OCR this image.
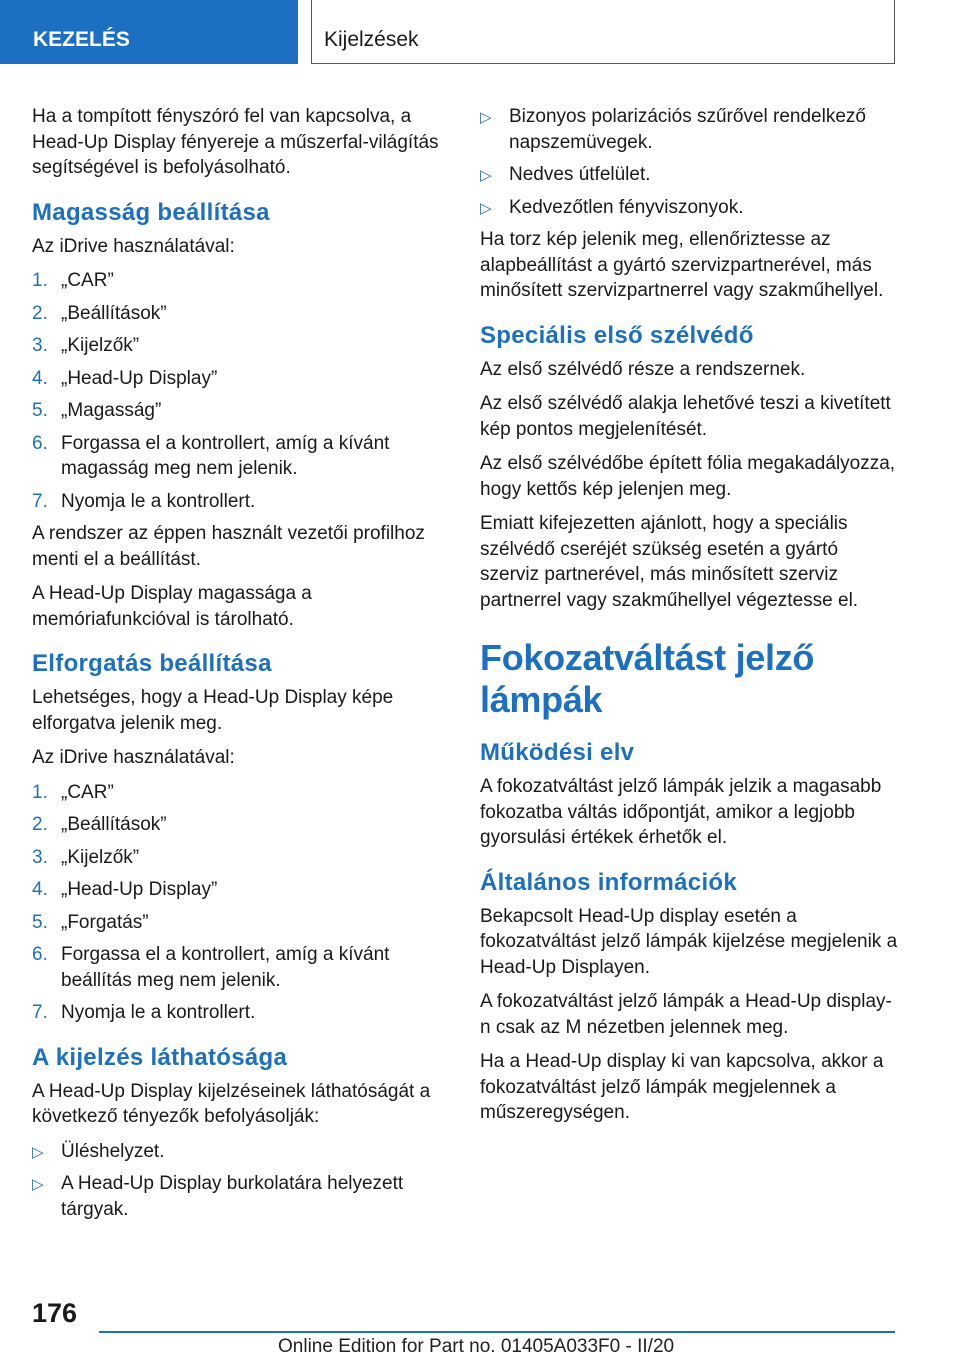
KEZELÉS	Kijelzések

Ha a tompított fényszóró fel van kapcsolva, a Head-Up Display fényereje a műszerfal-világítás segítségével is befolyásolható.

Magasság beállítása

Az iDrive használatával:

1. „CAR”
2. „Beállítások”
3. „Kijelzők”
4. „Head-Up Display”
5. „Magasság”
6. Forgassa el a kontrollert, amíg a kívánt magasság meg nem jelenik.
7. Nyomja le a kontrollert.

A rendszer az éppen használt vezetői profilhoz menti el a beállítást.

A Head-Up Display magassága a memóriafunkcióval is tárolható.

Elforgatás beállítása

Lehetséges, hogy a Head-Up Display képe elforgatva jelenik meg.

Az iDrive használatával:

1. „CAR”
2. „Beállítások”
3. „Kijelzők”
4. „Head-Up Display”
5. „Forgatás”
6. Forgassa el a kontrollert, amíg a kívánt beállítás meg nem jelenik.
7. Nyomja le a kontrollert.
A kijelzés láthatósága

A Head-Up Display kijelzéseinek láthatóságát a következő tényezők befolyásolják:

▷ Üléshelyzet.
▷ A Head-Up Display burkolatára helyezett tárgyak.
▷ Bizonyos polarizációs szűrővel rendelkező napszemüvegek.
▷ Nedves útfelület.
▷ Kedvezőtlen fényviszonyok.

Ha torz kép jelenik meg, ellenőriztesse az alapbeállítást a gyártó szervizpartnerével, más minősített szervizpartnerrel vagy szakműhellyel.

Speciális első szélvédő

Az első szélvédő része a rendszernek.

Az első szélvédő alakja lehetővé teszi a kivetített kép pontos megjelenítését.

Az első szélvédőbe épített fólia megakadályozza, hogy kettős kép jelenjen meg.

Emiatt kifejezetten ajánlott, hogy a speciális szélvédő cseréjét szükség esetén a gyártó szerviz partnerével, más minősített szerviz partnerrel vagy szakműhellyel végeztesse el.

Fokozatváltást jelző lámpák
Működési elv

A fokozatváltást jelző lámpák jelzik a magasabb fokozatba váltás időpontját, amikor a legjobb gyorsulási értékek érhetők el.

Általános információk

Bekapcsolt Head-Up display esetén a fokozatváltást jelző lámpák kijelzése megjelenik a Head-Up Displayen.

A fokozatváltást jelző lámpák a Head-Up display-n csak az M nézetben jelennek meg.

Ha a Head-Up display ki van kapcsolva, akkor a fokozatváltást jelző lámpák megjelennek a műszeregységen.

176
Online Edition for Part no. 01405A033F0 - II/20
